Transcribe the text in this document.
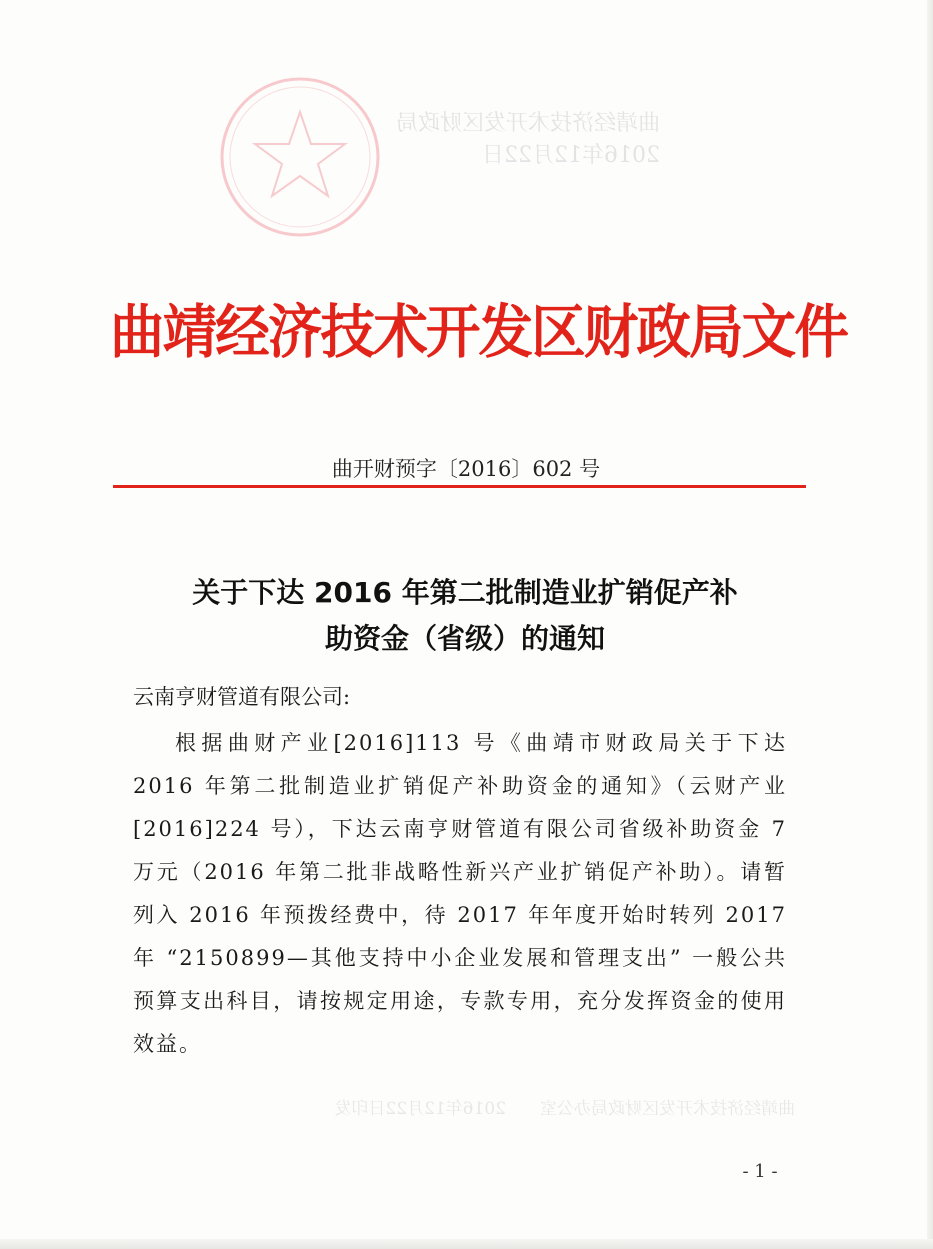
曲靖经济技术开发区财政局
2016年12月22日
曲靖经济技术开发区财政局办公室　　2016年12月22日印发
曲靖经济技术开发区财政局文件
曲开财预字〔2016〕602 号
关于下达 2016 年第二批制造业扩销促产补
助资金（省级）的通知
云南亨财管道有限公司:
根据曲财产业[2016]113 号《曲靖市财政局关于下达 2016 年第二批制造业扩销促产补助资金的通知》（云财产业[2016]224 号），下达云南亨财管道有限公司省级补助资金 7 万元（2016 年第二批非战略性新兴产业扩销促产补助）。请暂列入 2016 年预拨经费中，待 2017 年年度开始时转列 2017 年 “2150899—其他支持中小企业发展和管理支出” 一般公共预算支出科目，请按规定用途，专款专用，充分发挥资金的使用效益。
- 1 -
